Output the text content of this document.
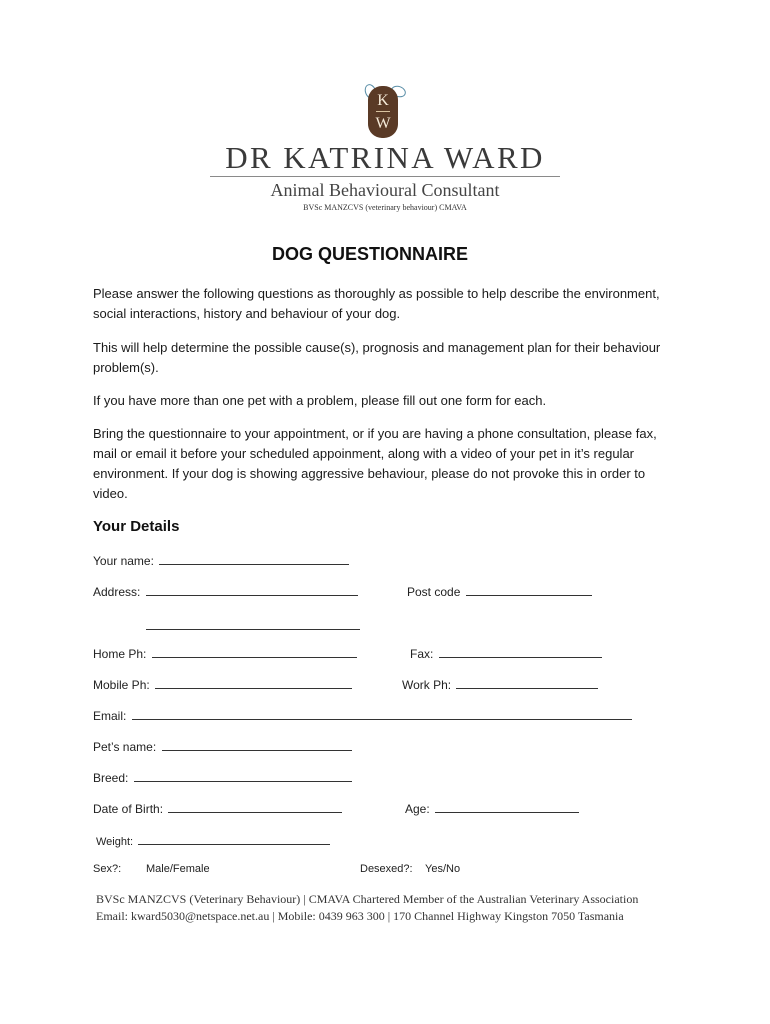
K
W
DR KATRINA WARD
Animal Behavioural Consultant
BVSc MANZCVS (veterinary behaviour) CMAVA
DOG QUESTIONNAIRE
Please answer the following questions as thoroughly as possible to help describe the environment, social interactions, history and behaviour of your dog.
This will help determine the possible cause(s), prognosis and management plan for their behaviour problem(s).
If you have more than one pet with a problem, please fill out one form for each.
Bring the questionnaire to your appointment, or if you are having a phone consultation, please fax, mail or email it before your scheduled appoinment, along with a video of your pet in it’s regular environment. If your dog is showing aggressive behaviour, please do not provoke this in order to video.
Your Details
Your name:
Address:	Post code
Home Ph:	Fax:
Mobile Ph:	Work Ph:
Email:
Pet’s name:
Breed:
Date of Birth:	Age:
Weight:
Sex?: Male/Female	Desexed?: Yes/No
BVSc MANZCVS (Veterinary Behaviour) | CMAVA Chartered Member of the Australian Veterinary Association
Email: kward5030@netspace.net.au | Mobile: 0439 963 300 | 170 Channel Highway Kingston 7050 Tasmania
